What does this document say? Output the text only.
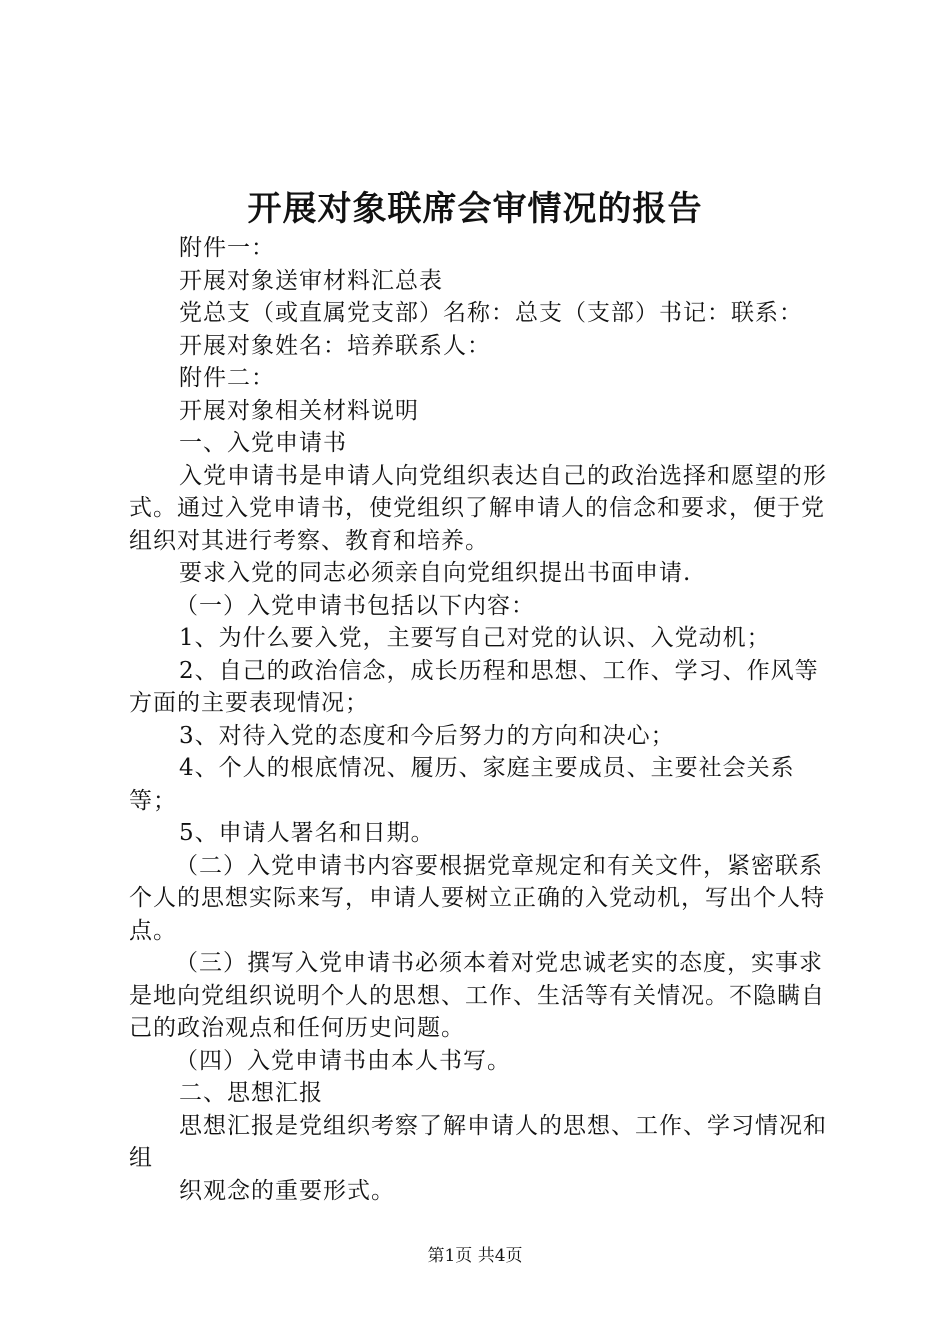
开展对象联席会审情况的报告

附件一：

开展对象送审材料汇总表

党总支（或直属党支部）名称：总支（支部）书记：联系：

开展对象姓名：培养联系人：

附件二：

开展对象相关材料说明

一、入党申请书

入党申请书是申请人向党组织表达自己的政治选择和愿望的形式。通过入党申请书，使党组织了解申请人的信念和要求，便于党组织对其进行考察、教育和培养。

要求入党的同志必须亲自向党组织提出书面申请.

（一）入党申请书包括以下内容：

1、为什么要入党，主要写自己对党的认识、入党动机；

2、自己的政治信念，成长历程和思想、工作、学习、作风等方面的主要表现情况；

3、对待入党的态度和今后努力的方向和决心；

4、个人的根底情况、履历、家庭主要成员、主要社会关系等；

5、申请人署名和日期。

（二）入党申请书内容要根据党章规定和有关文件，紧密联系个人的思想实际来写，申请人要树立正确的入党动机，写出个人特点。

（三）撰写入党申请书必须本着对党忠诚老实的态度，实事求是地向党组织说明个人的思想、工作、生活等有关情况。不隐瞒自己的政治观点和任何历史问题。

（四）入党申请书由本人书写。

二、思想汇报

思想汇报是党组织考察了解申请人的思想、工作、学习情况和组

织观念的重要形式。

第1页 共4页
